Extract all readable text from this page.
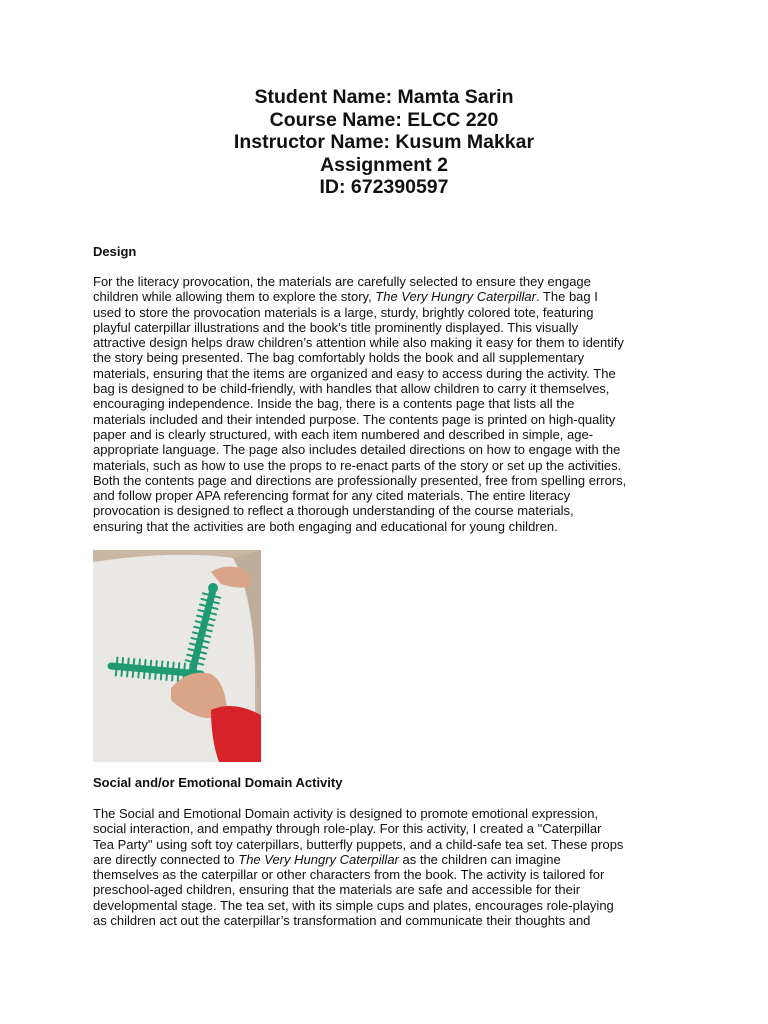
Student Name: Mamta Sarin
Course Name: ELCC 220
Instructor Name: Kusum Makkar
Assignment 2
ID: 672390597
Design
For the literacy provocation, the materials are carefully selected to ensure they engage
children while allowing them to explore the story, The Very Hungry Caterpillar. The bag I
used to store the provocation materials is a large, sturdy, brightly colored tote, featuring
playful caterpillar illustrations and the book’s title prominently displayed. This visually
attractive design helps draw children’s attention while also making it easy for them to identify
the story being presented. The bag comfortably holds the book and all supplementary
materials, ensuring that the items are organized and easy to access during the activity. The
bag is designed to be child-friendly, with handles that allow children to carry it themselves,
encouraging independence. Inside the bag, there is a contents page that lists all the
materials included and their intended purpose. The contents page is printed on high-quality
paper and is clearly structured, with each item numbered and described in simple, age-
appropriate language. The page also includes detailed directions on how to engage with the
materials, such as how to use the props to re-enact parts of the story or set up the activities.
Both the contents page and directions are professionally presented, free from spelling errors,
and follow proper APA referencing format for any cited materials. The entire literacy
provocation is designed to reflect a thorough understanding of the course materials,
ensuring that the activities are both engaging and educational for young children.
Social and/or Emotional Domain Activity
The Social and Emotional Domain activity is designed to promote emotional expression,
social interaction, and empathy through role-play. For this activity, I created a "Caterpillar
Tea Party" using soft toy caterpillars, butterfly puppets, and a child-safe tea set. These props
are directly connected to The Very Hungry Caterpillar as the children can imagine
themselves as the caterpillar or other characters from the book. The activity is tailored for
preschool-aged children, ensuring that the materials are safe and accessible for their
developmental stage. The tea set, with its simple cups and plates, encourages role-playing
as children act out the caterpillar’s transformation and communicate their thoughts and
